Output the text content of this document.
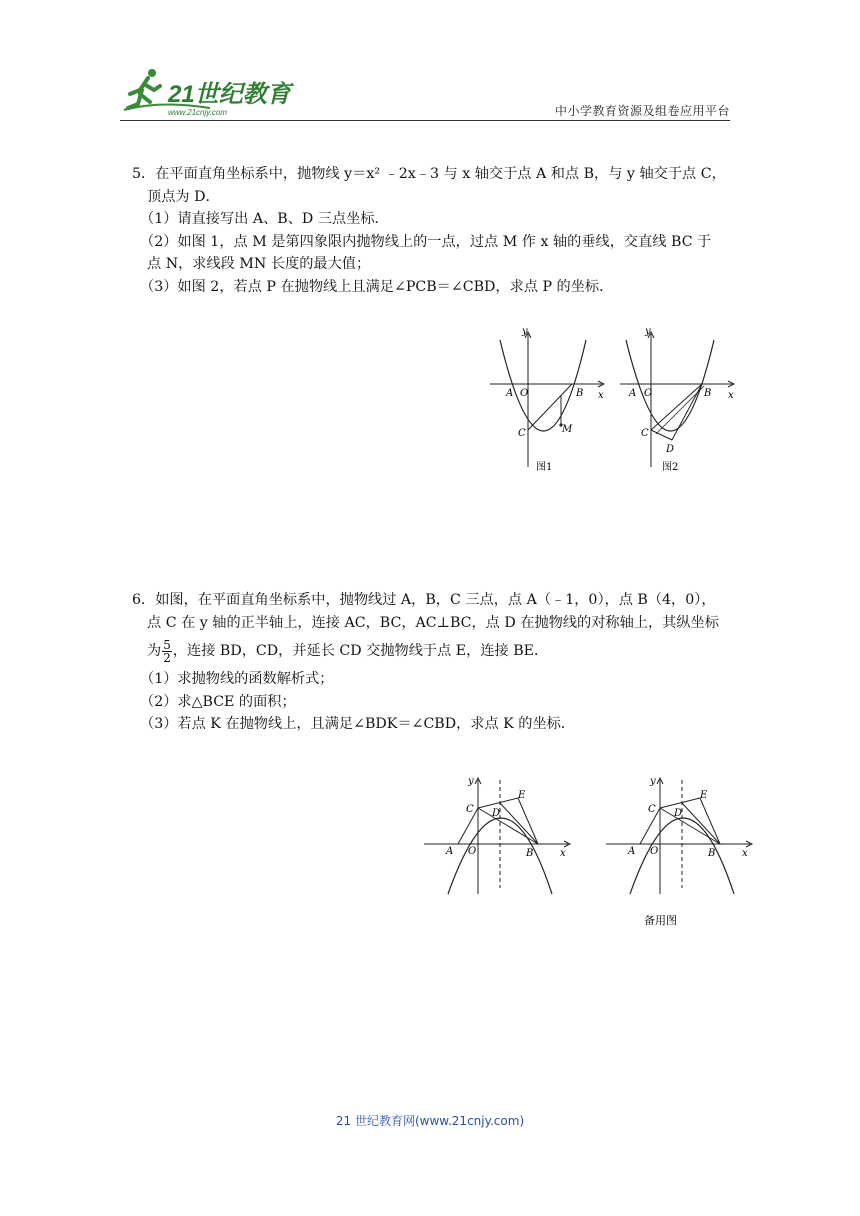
21世纪教育
www.21cnjy.com	中小学教育资源及组卷应用平台

5．在平面直角坐标系中，抛物线 y＝x² ﹣2x﹣3 与 x 轴交于点 A 和点 B，与 y 轴交于点 C，

顶点为 D．

（1）请直接写出 A、B、D 三点坐标．

（2）如图 1，点 M 是第四象限内抛物线上的一点，过点 M 作 x 轴的垂线，交直线 BC 于

点 N，求线段 MN 长度的最大值；

（3）如图 2，若点 P 在抛物线上且满足∠PCB＝∠CBD，求点 P 的坐标．

y
x
A O	B
C	M
图1
y
x
A O	B
C
D
图2

6．如图，在平面直角坐标系中，抛物线过 A，B，C 三点，点 A（﹣1，0），点 B（4，0），

点 C 在 y 轴的正半轴上，连接 AC，BC，AC⊥BC，点 D 在抛物线的对称轴上，其纵坐标

为 $\frac{5}{2}$ ，连接 BD，CD，并延长 CD 交抛物线于点 E，连接 BE．

（1）求抛物线的函数解析式；

（2）求△BCE 的面积；

（3）若点 K 在抛物线上，且满足∠BDK＝∠CBD，求点 K 的坐标．

y
x
A O	B
C D
E
y
x
A O	B
C D
E
备用图
21 世纪教育网(www.21cnjy.com)
